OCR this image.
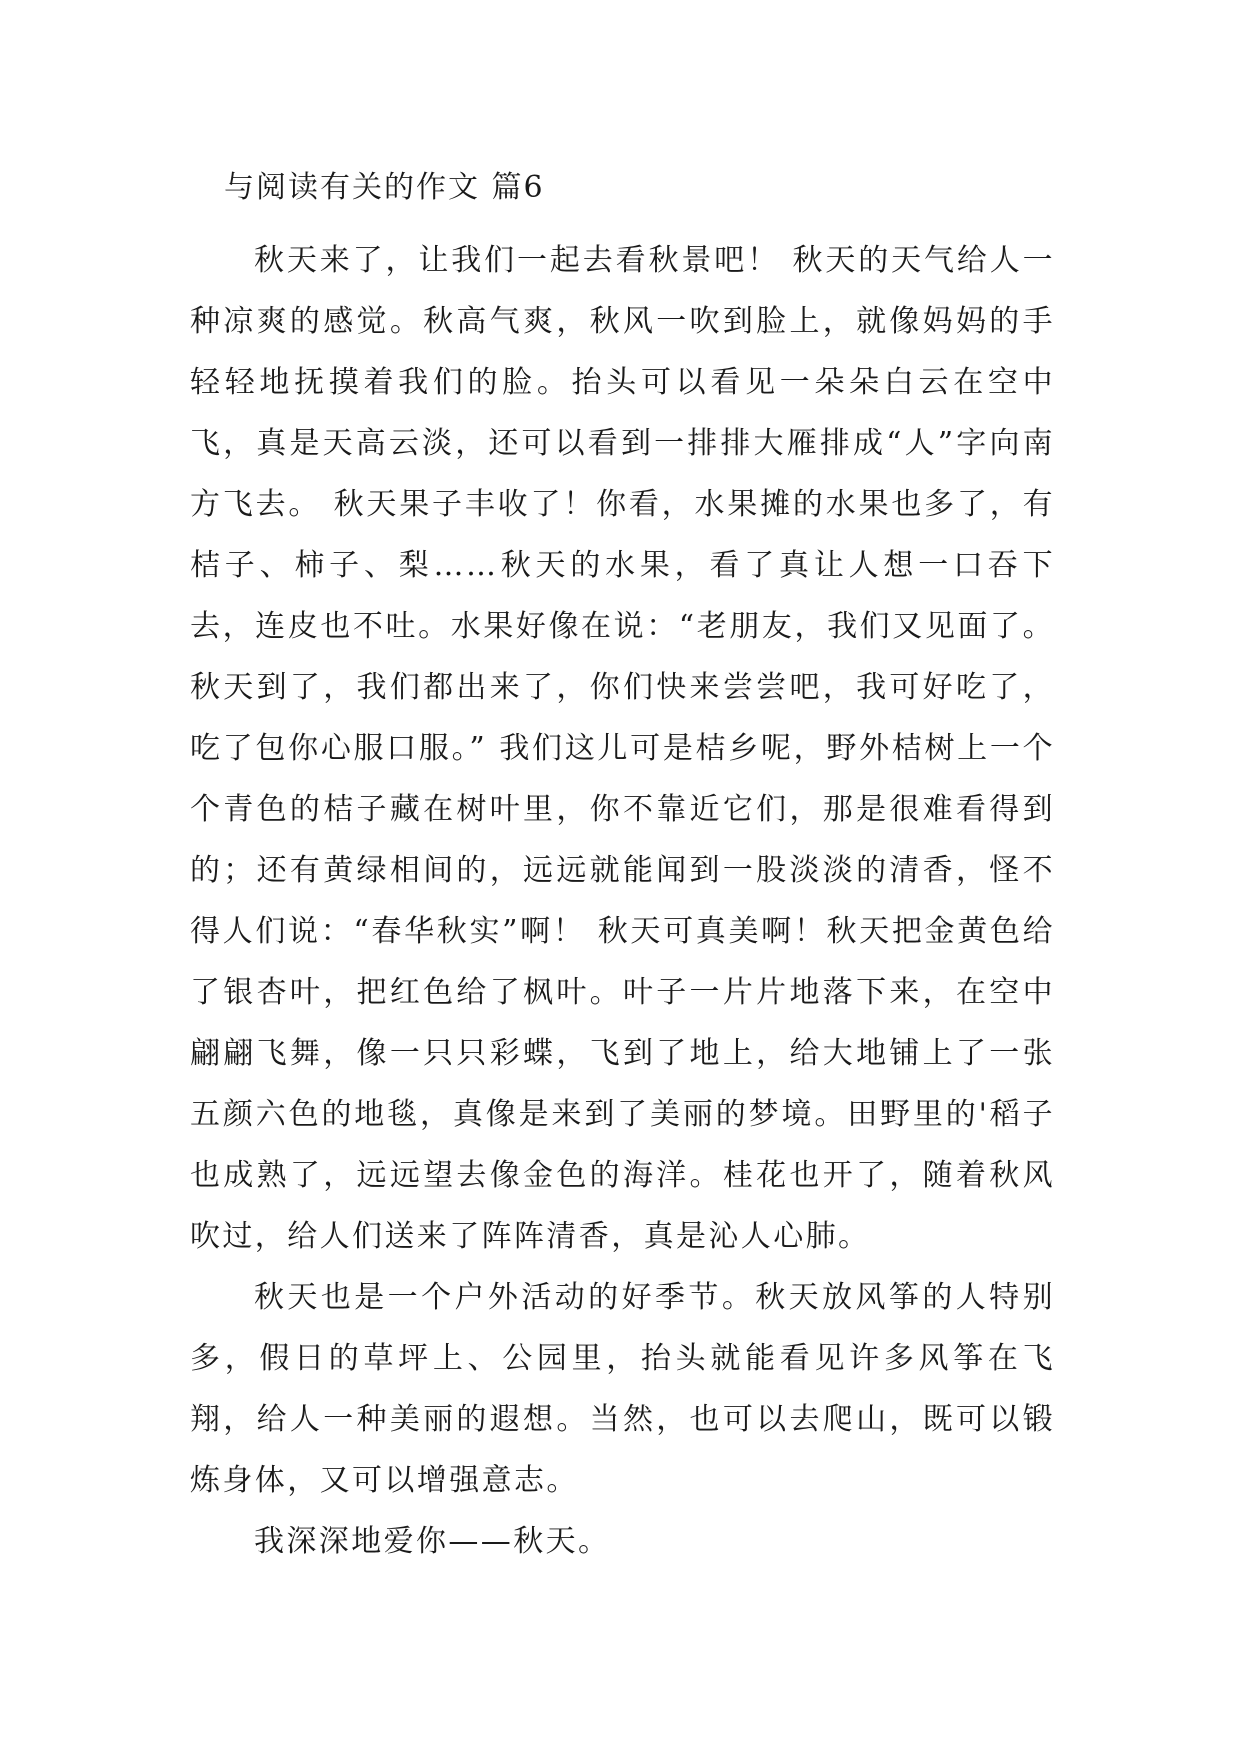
与阅读有关的作文 篇6

秋天来了，让我们一起去看秋景吧！ 秋天的天气给人一种凉爽的感觉。秋高气爽，秋风一吹到脸上，就像妈妈的手轻轻地抚摸着我们的脸。抬头可以看见一朵朵白云在空中飞，真是天高云淡，还可以看到一排排大雁排成“人”字向南方飞去。 秋天果子丰收了！你看，水果摊的水果也多了，有桔子、柿子、梨……秋天的水果，看了真让人想一口吞下去，连皮也不吐。水果好像在说：“老朋友，我们又见面了。秋天到了，我们都出来了，你们快来尝尝吧，我可好吃了，吃了包你心服口服。” 我们这儿可是桔乡呢，野外桔树上一个个青色的桔子藏在树叶里，你不靠近它们，那是很难看得到的；还有黄绿相间的，远远就能闻到一股淡淡的清香，怪不得人们说：“春华秋实”啊！ 秋天可真美啊！秋天把金黄色给了银杏叶，把红色给了枫叶。叶子一片片地落下来，在空中翩翩飞舞，像一只只彩蝶，飞到了地上，给大地铺上了一张五颜六色的地毯，真像是来到了美丽的梦境。田野里的'稻子也成熟了，远远望去像金色的海洋。桂花也开了，随着秋风吹过，给人们送来了阵阵清香，真是沁人心肺。

秋天也是一个户外活动的好季节。秋天放风筝的人特别多，假日的草坪上、公园里，抬头就能看见许多风筝在飞翔，给人一种美丽的遐想。当然，也可以去爬山，既可以锻炼身体，又可以增强意志。

我深深地爱你——秋天。
